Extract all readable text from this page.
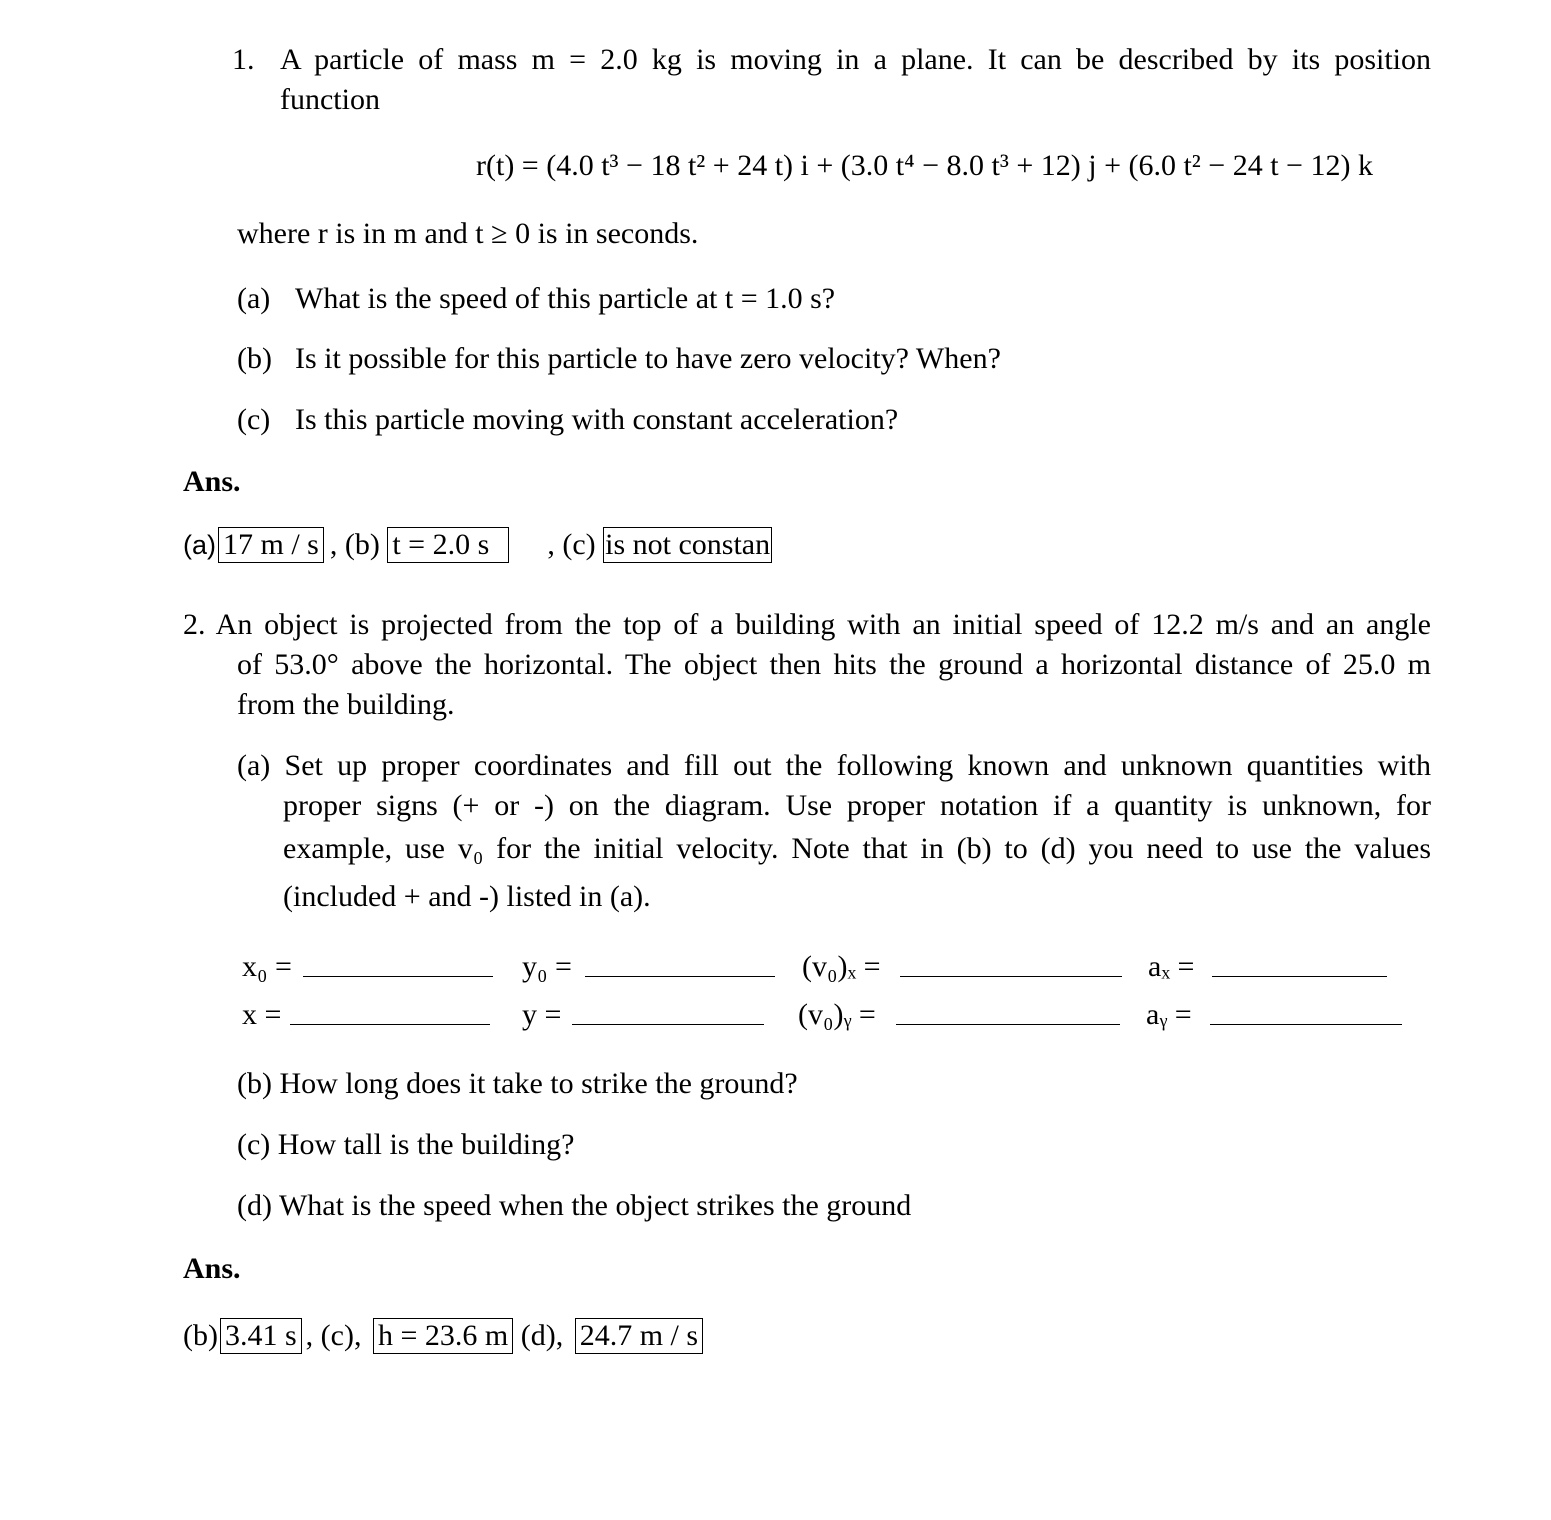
1. A particle of mass m = 2.0 kg is moving in a plane. It can be described by its position
function
r(t) = (4.0 t³ − 18 t² + 24 t) i + (3.0 t⁴ − 8.0 t³ + 12) j + (6.0 t² − 24 t − 12) k
where r is in m and t ≥ 0 is in seconds.
(a) What is the speed of this particle at t = 1.0 s?
(b) Is it possible for this particle to have zero velocity? When?
(c) Is this particle moving with constant acceleration?
Ans.
(a) 17 m / s , (b) t = 2.0 s , (c) is not constan
2. An object is projected from the top of a building with an initial speed of 12.2 m/s and an angle
of 53.0° above the horizontal. The object then hits the ground a horizontal distance of 25.0 m
from the building.
(a) Set up proper coordinates and fill out the following known and unknown quantities with
proper signs (+ or -) on the diagram. Use proper notation if a quantity is unknown, for
example, use v₀ for the initial velocity. Note that in (b) to (d) you need to use the values
(included + and -) listed in (a).
x₀ =	y₀ =	(v₀)ₓ =	aₓ =
x =	y =	(v₀)ᵧ =	aᵧ =
(b) How long does it take to strike the ground?
(c) How tall is the building?
(d) What is the speed when the object strikes the ground
Ans.
(b) 3.41 s , (c), h = 23.6 m (d), 24.7 m / s
